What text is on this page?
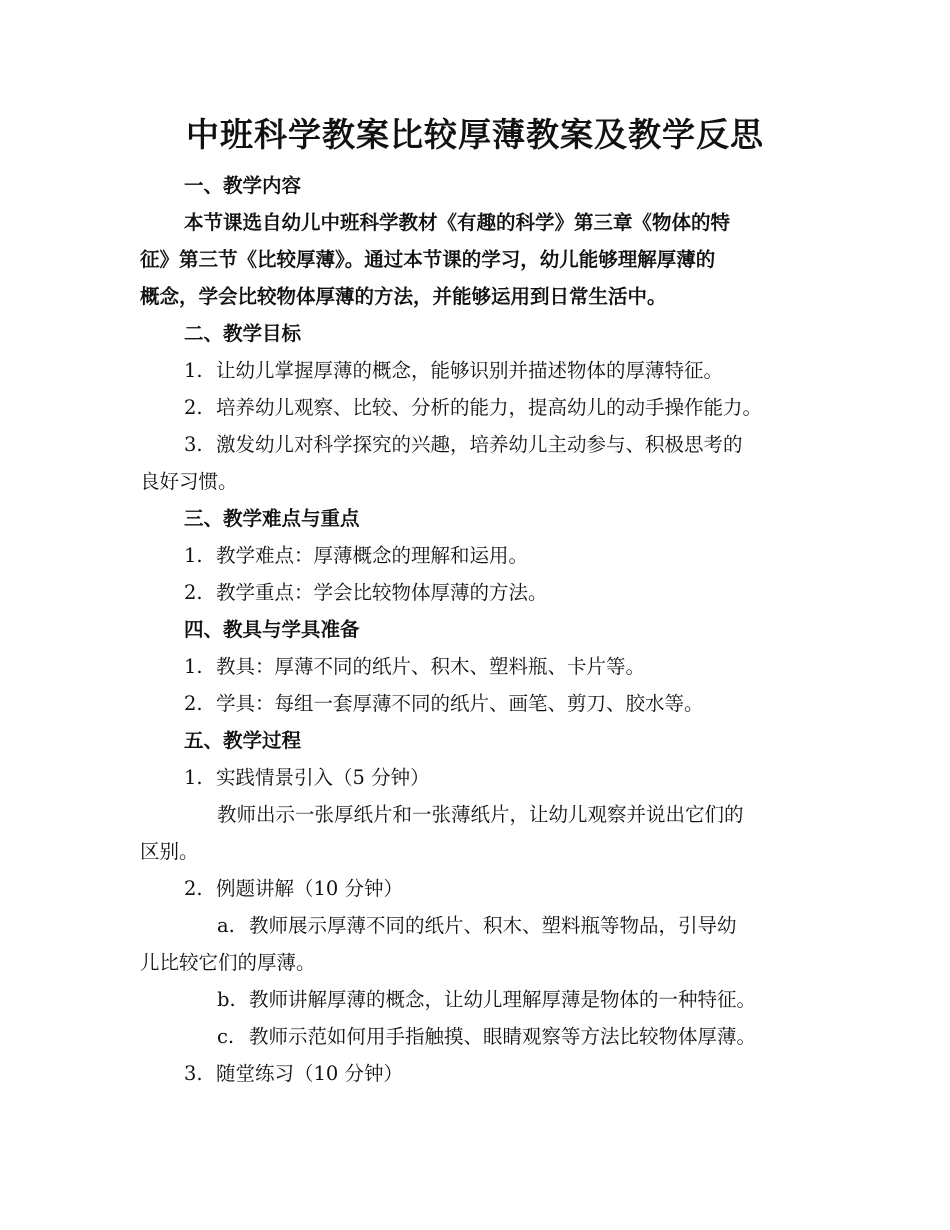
中班科学教案比较厚薄教案及教学反思

一、教学内容

本节课选自幼儿中班科学教材《有趣的科学》第三章《物体的特

征》第三节《比较厚薄》。通过本节课的学习，幼儿能够理解厚薄的

概念，学会比较物体厚薄的方法，并能够运用到日常生活中。

二、教学目标

1. 让幼儿掌握厚薄的概念，能够识别并描述物体的厚薄特征。

2. 培养幼儿观察、比较、分析的能力，提高幼儿的动手操作能力。

3. 激发幼儿对科学探究的兴趣，培养幼儿主动参与、积极思考的

良好习惯。

三、教学难点与重点

1. 教学难点：厚薄概念的理解和运用。

2. 教学重点：学会比较物体厚薄的方法。

四、教具与学具准备

1. 教具：厚薄不同的纸片、积木、塑料瓶、卡片等。

2. 学具：每组一套厚薄不同的纸片、画笔、剪刀、胶水等。

五、教学过程

1. 实践情景引入（5 分钟）

教师出示一张厚纸片和一张薄纸片，让幼儿观察并说出它们的

区别。

2. 例题讲解（10 分钟）

a. 教师展示厚薄不同的纸片、积木、塑料瓶等物品，引导幼

儿比较它们的厚薄。

b. 教师讲解厚薄的概念，让幼儿理解厚薄是物体的一种特征。

c. 教师示范如何用手指触摸、眼睛观察等方法比较物体厚薄。

3. 随堂练习（10 分钟）
